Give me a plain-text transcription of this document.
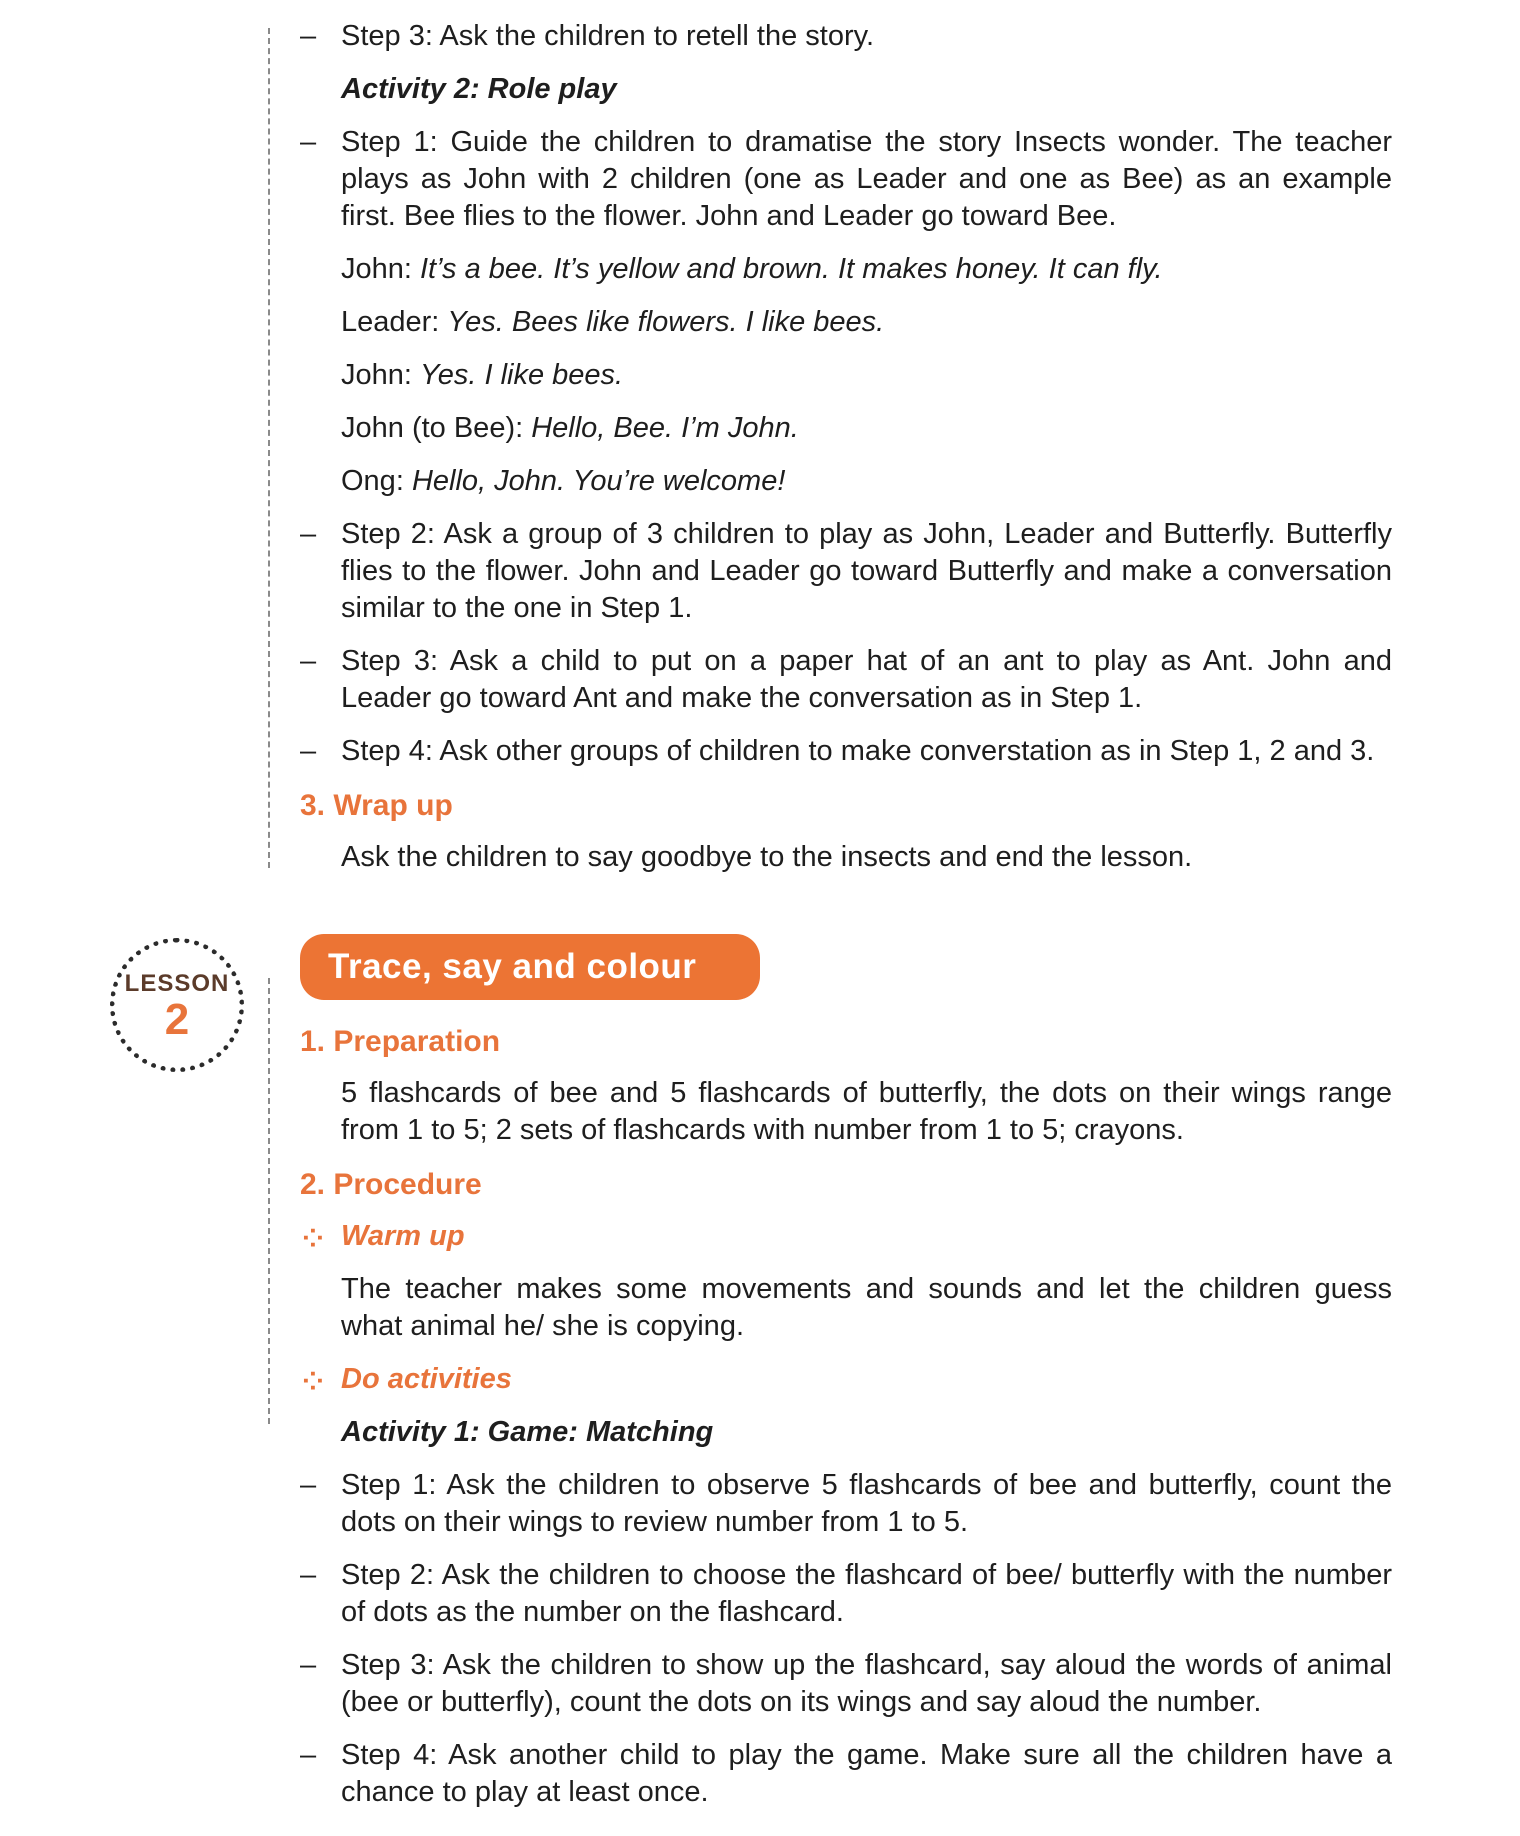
LESSON
2
– Step 3: Ask the children to retell the story.
Activity 2: Role play
– Step 1: Guide the children to dramatise the story Insects wonder. The teacher plays as John with 2 children (one as Leader and one as Bee) as an example first. Bee flies to the flower. John and Leader go toward Bee.
John: It’s a bee. It’s yellow and brown. It makes honey. It can fly.
Leader: Yes. Bees like flowers. I like bees.
John: Yes. I like bees.
John (to Bee): Hello, Bee. I’m John.
Ong: Hello, John. You’re welcome!
– Step 2: Ask a group of 3 children to play as John, Leader and Butterfly. Butterfly flies to the flower. John and Leader go toward Butterfly and make a conversation similar to the one in Step 1.
– Step 3: Ask a child to put on a paper hat of an ant to play as Ant. John and Leader go toward Ant and make the conversation as in Step 1.
– Step 4: Ask other groups of children to make converstation as in Step 1, 2 and 3.
3. Wrap up
Ask the children to say goodbye to the insects and end the lesson.
Trace, say and colour
1. Preparation
5 flashcards of bee and 5 flashcards of butterfly, the dots on their wings range from 1 to 5; 2 sets of flashcards with number from 1 to 5; crayons.
2. Procedure
⁘ Warm up
The teacher makes some movements and sounds and let the children guess what animal he/ she is copying.
⁘ Do activities
Activity 1: Game: Matching
– Step 1: Ask the children to observe 5 flashcards of bee and butterfly, count the dots on their wings to review number from 1 to 5.
– Step 2: Ask the children to choose the flashcard of bee/ butterfly with the number of dots as the number on the flashcard.
– Step 3: Ask the children to show up the flashcard, say aloud the words of animal (bee or butterfly), count the dots on its wings and say aloud the number.
– Step 4: Ask another child to play the game. Make sure all the children have a chance to play at least once.
